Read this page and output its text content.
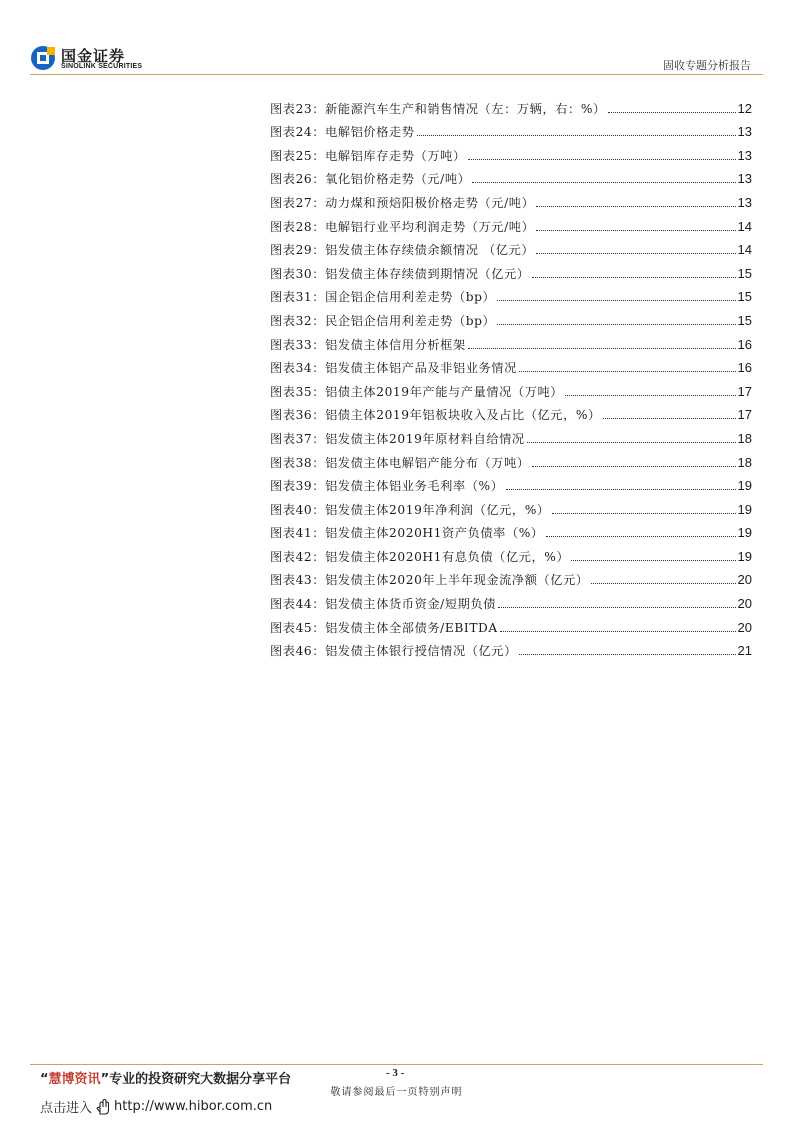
国金证券
SINOLINK SECURITIES	固收专题分析报告
图表23：新能源汽车生产和销售情况（左：万辆，右：%）	12
图表24：电解铝价格走势	13
图表25：电解铝库存走势（万吨）	13
图表26：氧化铝价格走势（元/吨）	13
图表27：动力煤和预焙阳极价格走势（元/吨）	13
图表28：电解铝行业平均利润走势（万元/吨）	14
图表29：铝发债主体存续债余额情况 （亿元）	14
图表30：铝发债主体存续债到期情况（亿元）	15
图表31：国企铝企信用利差走势（bp）	15
图表32：民企铝企信用利差走势（bp）	15
图表33：铝发债主体信用分析框架	16
图表34：铝发债主体铝产品及非铝业务情况	16
图表35：铝债主体2019年产能与产量情况（万吨）	17
图表36：铝债主体2019年铝板块收入及占比（亿元，%）	17
图表37：铝发债主体2019年原材料自给情况	18
图表38：铝发债主体电解铝产能分布（万吨）	18
图表39：铝发债主体铝业务毛利率（%）	19
图表40：铝发债主体2019年净利润（亿元，%）	19
图表41：铝发债主体2020H1资产负债率（%）	19
图表42：铝发债主体2020H1有息负债（亿元，%）	19
图表43：铝发债主体2020年上半年现金流净额（亿元）	20
图表44：铝发债主体货币资金/短期负债	20
图表45：铝发债主体全部债务/EBITDA	20
图表46：铝发债主体银行授信情况（亿元）	21
“慧博资讯”专业的投资研究大数据分享平台	- 3 -
敬请参阅最后一页特别声明
点击进入 http://www.hibor.com.cn
